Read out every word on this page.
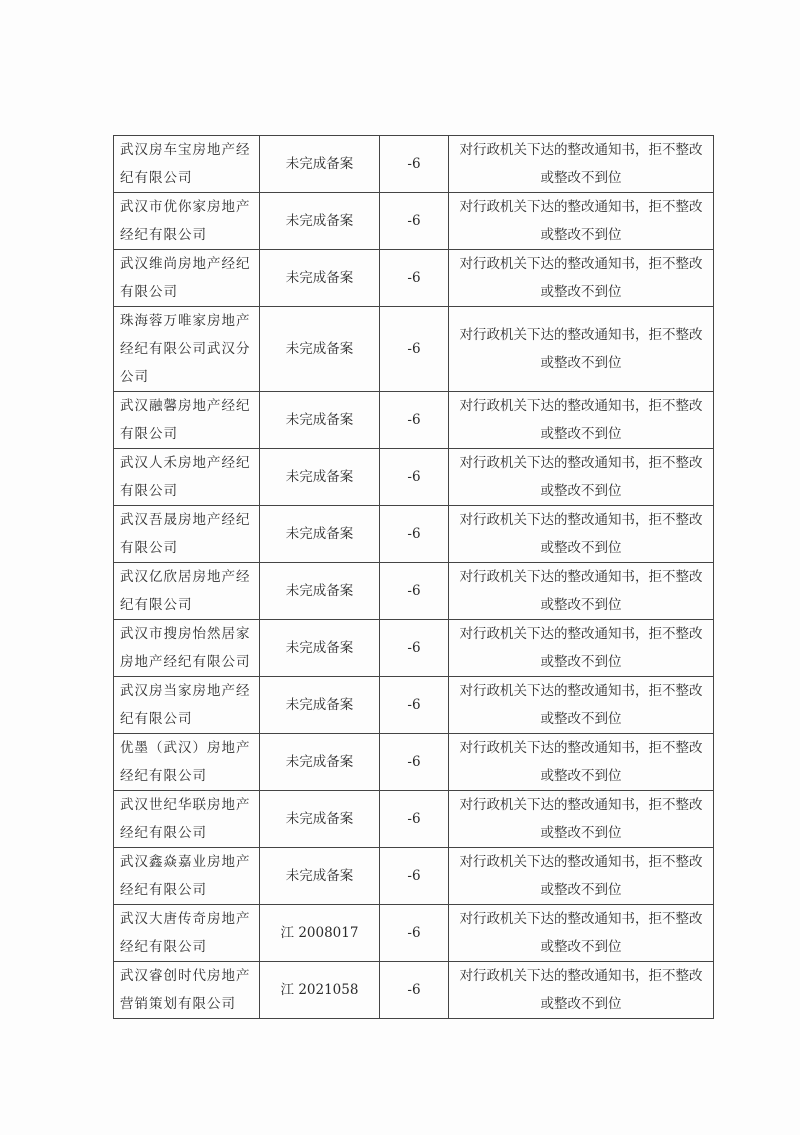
武汉房车宝房地产经纪有限公司	未完成备案	-6	对行政机关下达的整改通知书，拒不整改或整改不到位
武汉市优你家房地产经纪有限公司	未完成备案	-6	对行政机关下达的整改通知书，拒不整改或整改不到位
武汉维尚房地产经纪有限公司	未完成备案	-6	对行政机关下达的整改通知书，拒不整改或整改不到位
珠海蓉万唯家房地产经纪有限公司武汉分公司	未完成备案	-6	对行政机关下达的整改通知书，拒不整改或整改不到位
武汉融馨房地产经纪有限公司	未完成备案	-6	对行政机关下达的整改通知书，拒不整改或整改不到位
武汉人禾房地产经纪有限公司	未完成备案	-6	对行政机关下达的整改通知书，拒不整改或整改不到位
武汉吾晟房地产经纪有限公司	未完成备案	-6	对行政机关下达的整改通知书，拒不整改或整改不到位
武汉亿欣居房地产经纪有限公司	未完成备案	-6	对行政机关下达的整改通知书，拒不整改或整改不到位
武汉市搜房怡然居家房地产经纪有限公司	未完成备案	-6	对行政机关下达的整改通知书，拒不整改或整改不到位
武汉房当家房地产经纪有限公司	未完成备案	-6	对行政机关下达的整改通知书，拒不整改或整改不到位
优墨（武汉）房地产经纪有限公司	未完成备案	-6	对行政机关下达的整改通知书，拒不整改或整改不到位
武汉世纪华联房地产经纪有限公司	未完成备案	-6	对行政机关下达的整改通知书，拒不整改或整改不到位
武汉鑫焱嘉业房地产经纪有限公司	未完成备案	-6	对行政机关下达的整改通知书，拒不整改或整改不到位
武汉大唐传奇房地产经纪有限公司	江 2008017	-6	对行政机关下达的整改通知书，拒不整改或整改不到位
武汉睿创时代房地产营销策划有限公司	江 2021058	-6	对行政机关下达的整改通知书，拒不整改或整改不到位
